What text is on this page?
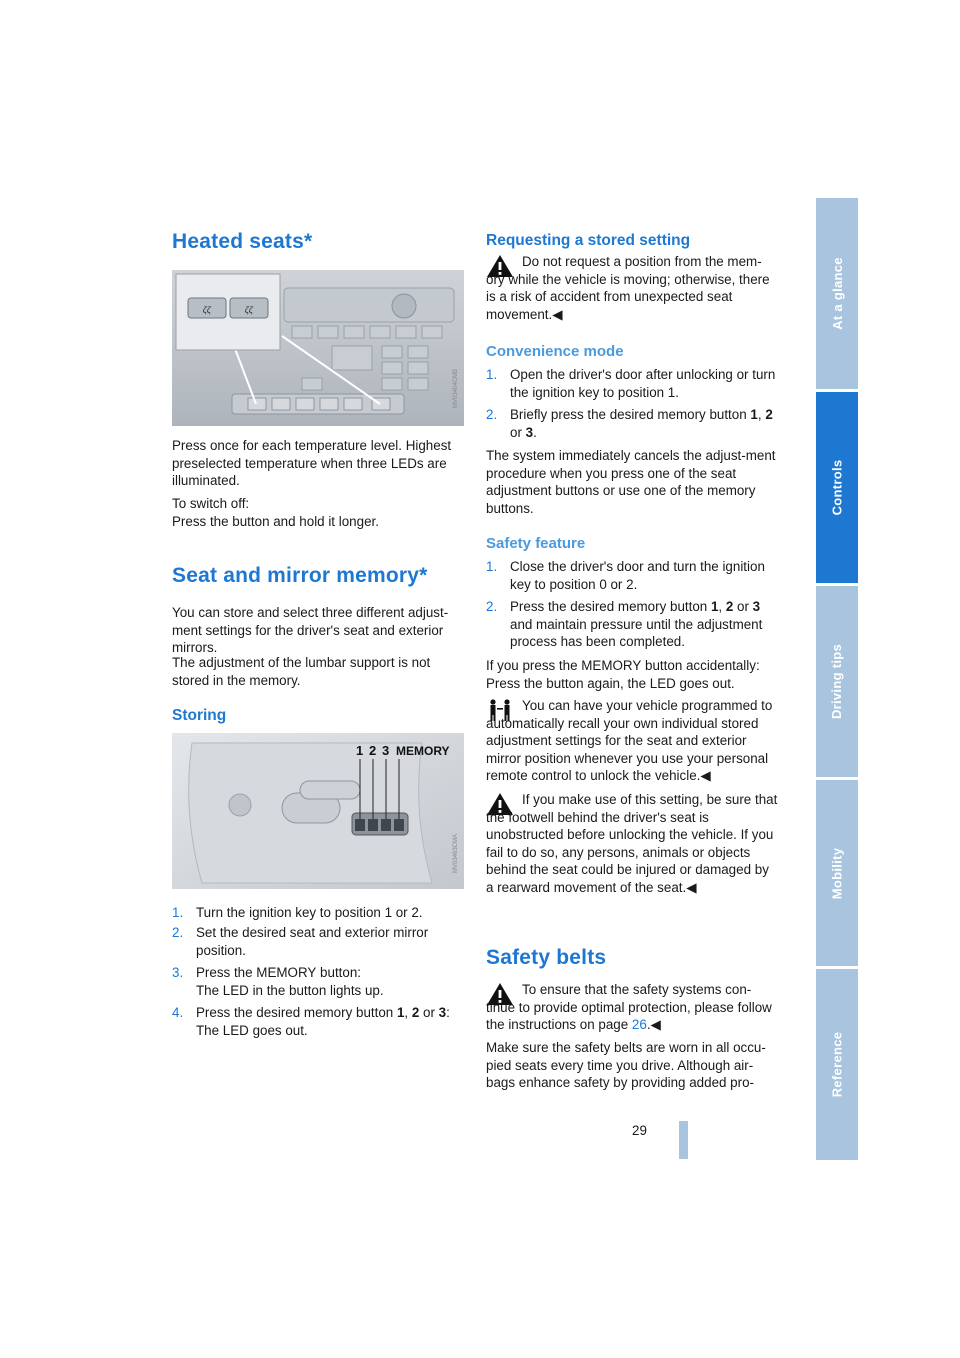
Heated seats*
𝜁𝜁	𝜁𝜁
MV03404CMB

Press once for each temperature level. Highest preselected temperature when three LEDs are illuminated.

To switch off:

Press the button and hold it longer.

Seat and mirror memory*

You can store and select three different adjust-ment settings for the driver's seat and exterior mirrors.

The adjustment of the lumbar support is not stored in the memory.

Storing
1 2 3 MEMORY
MV03463CMA
1. Turn the ignition key to position 1 or 2.
2. Set the desired seat and exterior mirror position.
3. Press the MEMORY button:
The LED in the button lights up.
4. Press the desired memory button 1, 2 or 3:
The LED goes out.
Requesting a stored setting

Do not request a position from the mem-ory while the vehicle is moving; otherwise, there is a risk of accident from unexpected seat movement.◀

Convenience mode
1. Open the driver's door after unlocking or turn the ignition key to position 1.
2. Briefly press the desired memory button 1, 2 or 3.

The system immediately cancels the adjust-ment procedure when you press one of the seat adjustment buttons or use one of the memory buttons.

Safety feature
1. Close the driver's door and turn the ignition key to position 0 or 2.
2. Press the desired memory button 1, 2 or 3 and maintain pressure until the adjustment process has been completed.

If you press the MEMORY button accidentally: Press the button again, the LED goes out.

You can have your vehicle programmed to automatically recall your own individual stored adjustment settings for the seat and exterior mirror position whenever you use your personal remote control to unlock the vehicle.◀

If you make use of this setting, be sure that the footwell behind the driver's seat is unobstructed before unlocking the vehicle. If you fail to do so, any persons, animals or objects behind the seat could be injured or damaged by a rearward movement of the seat.◀

Safety belts

To ensure that the safety systems con-tinue to provide optimal protection, please follow the instructions on page 26.◀

Make sure the safety belts are worn in all occu-pied seats every time you drive. Although air-bags enhance safety by providing added pro-

At a glance
Controls
Driving tips
Mobility
Reference
29
